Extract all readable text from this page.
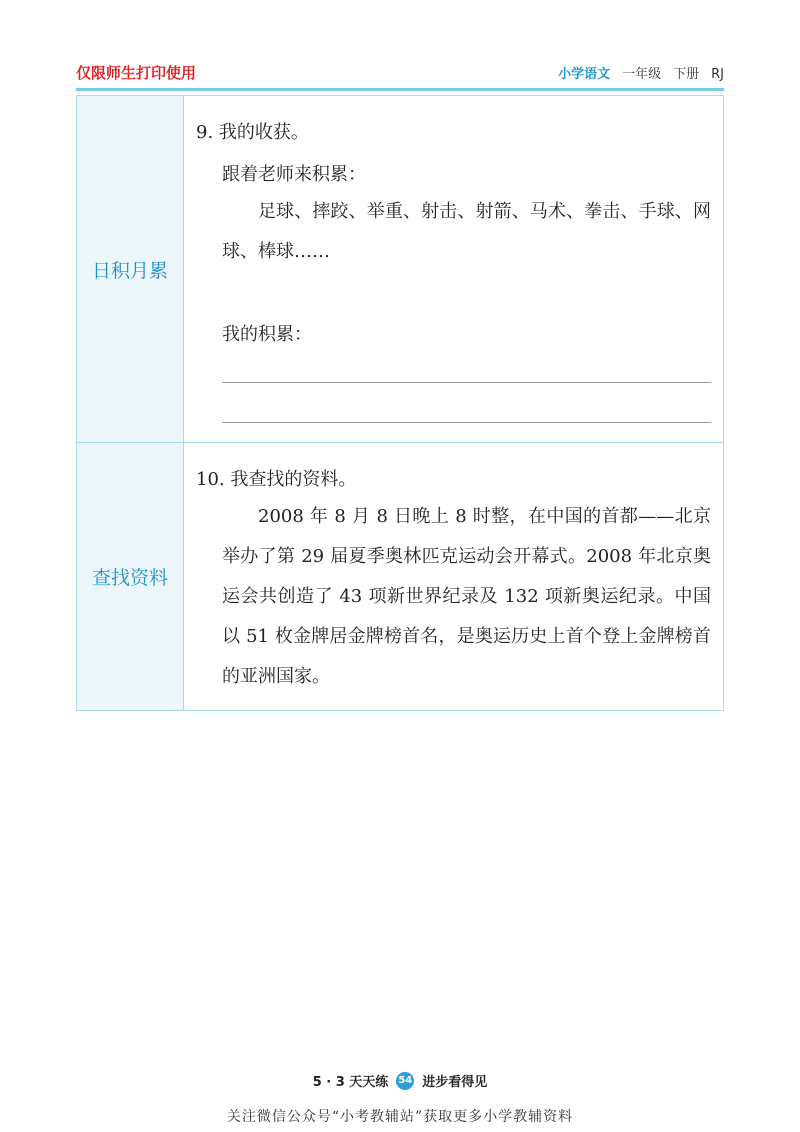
仅限师生打印使用	小学语文 一年级 下册 RJ
日积月累
9. 我的收获。
跟着老师来积累：
足球、摔跤、举重、射击、射箭、马术、拳击、手球、网球、棒球……
我的积累：
查找资料
10. 我查找的资料。
2008 年 8 月 8 日晚上 8 时整，在中国的首都——北京举办了第 29 届夏季奥林匹克运动会开幕式。2008 年北京奥运会共创造了 43 项新世界纪录及 132 项新奥运纪录。中国以 51 枚金牌居金牌榜首名，是奥运历史上首个登上金牌榜首的亚洲国家。
5 · 3 天天练 54 进步看得见
关注微信公众号“小考教辅站”获取更多小学教辅资料
